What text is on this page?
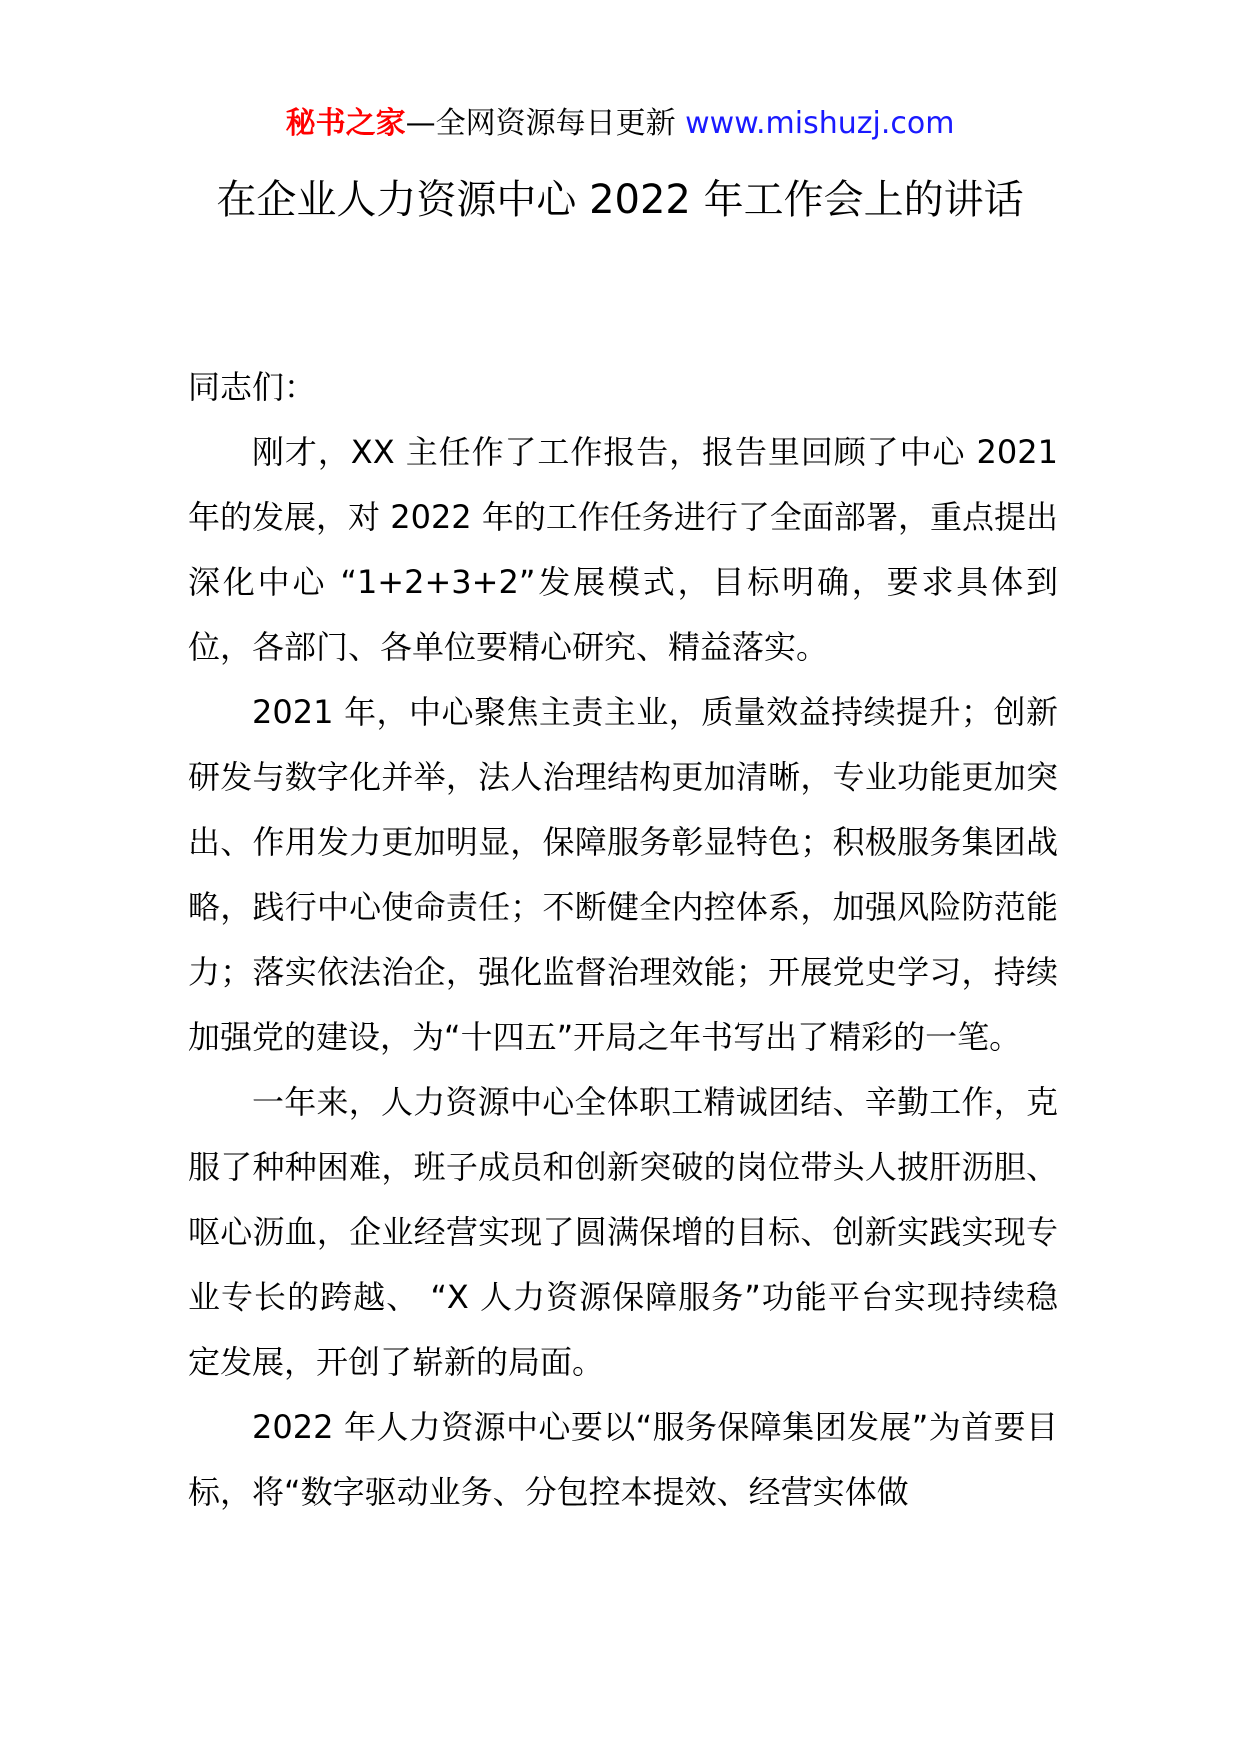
秘书之家—全网资源每日更新 www.mishuzj.com
在企业人力资源中心 2022 年工作会上的讲话

同志们：

刚才，XX 主任作了工作报告，报告里回顾了中心 2021 年的发展，对 2022 年的工作任务进行了全面部署，重点提出深化中心 “1+2+3+2”发展模式，目标明确，要求具体到位，各部门、各单位要精心研究、精益落实。

2021 年，中心聚焦主责主业，质量效益持续提升；创新研发与数字化并举，法人治理结构更加清晰，专业功能更加突出、作用发力更加明显，保障服务彰显特色；积极服务集团战略，践行中心使命责任；不断健全内控体系，加强风险防范能力；落实依法治企，强化监督治理效能；开展党史学习，持续加强党的建设，为“十四五”开局之年书写出了精彩的一笔。

一年来，人力资源中心全体职工精诚团结、辛勤工作，克服了种种困难，班子成员和创新突破的岗位带头人披肝沥胆、呕心沥血，企业经营实现了圆满保增的目标、创新实践实现专业专长的跨越、 “X 人力资源保障服务”功能平台实现持续稳定发展，开创了崭新的局面。

2022 年人力资源中心要以“服务保障集团发展”为首要目标，将“数字驱动业务、分包控本提效、经营实体做
